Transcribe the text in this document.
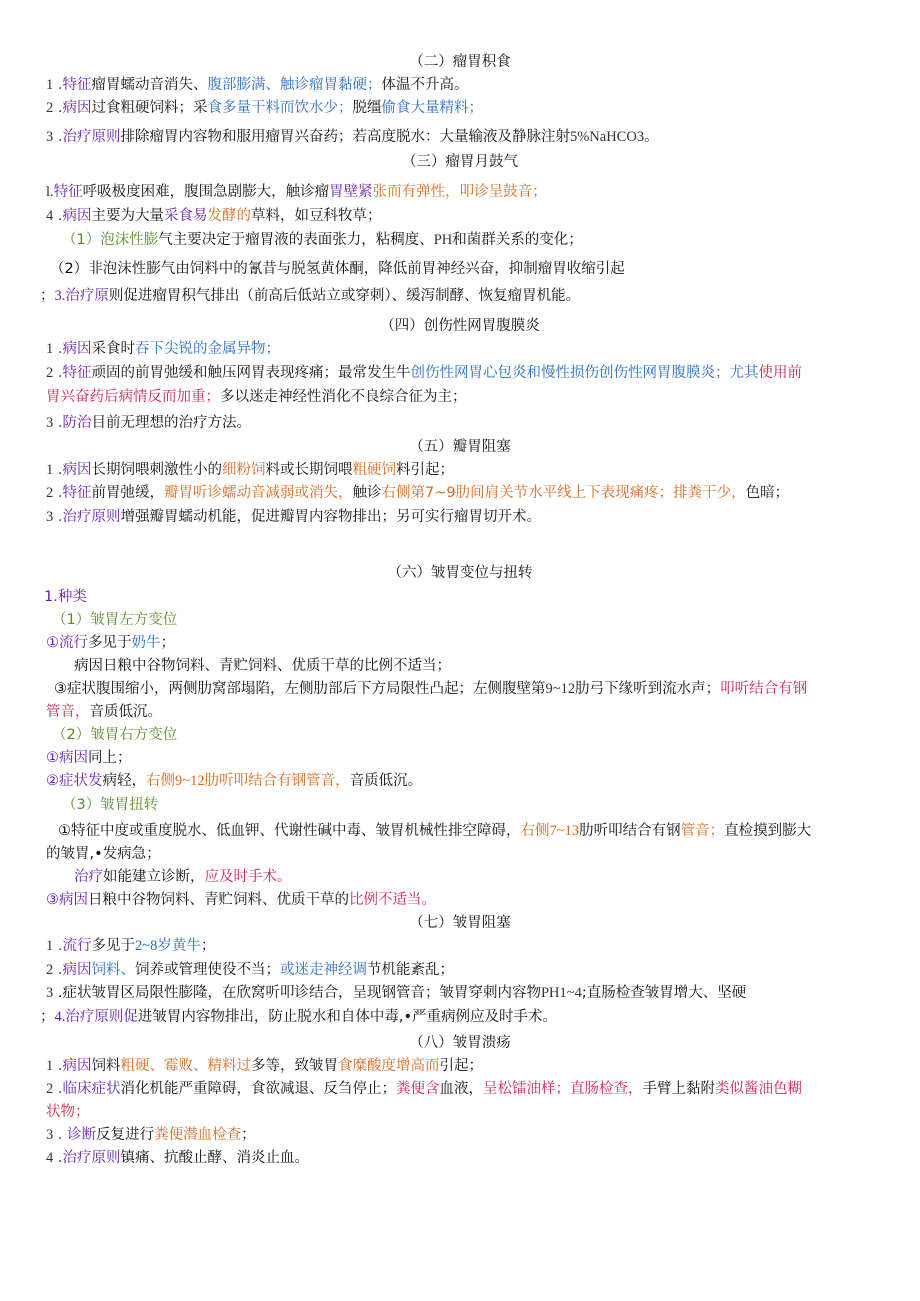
（二）瘤胃积食
1 .特征瘤胃蠕动音消失、腹部膨满、触诊瘤胃黏硬；体温不升高。
2 .病因过食粗硬饲料；采食多量干料而饮水少；脱缰偷食大量精料；
3 .治疗原则排除瘤胃内容物和服用瘤胃兴奋药；若高度脱水：大量输液及静脉注射5%NaHCO3。
（三）瘤胃月鼓气
l.特征呼吸极度困难，腹围急剧膨大，触诊瘤胃壁紧张而有弹性，叩诊呈鼓音；
4 .病因主要为大量采食易发酵的草料，如豆科牧草；
（1）泡沫性膨气主要决定于瘤胃液的表面张力，粘稠度、PH和菌群关系的变化；
（2）非泡沫性膨气由饲料中的氰昔与脱氢黄体酮，降低前胃神经兴奋，抑制瘤胃收缩引起
；3.治疗原则促进瘤胃积气排出（前高后低站立或穿刺）、缓泻制酵、恢复瘤胃机能。
（四）创伤性网胃腹膜炎
1 .病因采食时吞下尖锐的金属异物；
2 .特征顽固的前胃弛缓和触压网胃表现疼痛；最常发生牛创伤性网胃心包炎和慢性损伤创伤性网胃腹膜炎；尤其使用前
胃兴奋药后病情反而加重；多以迷走神经性消化不良综合征为主；
3 .防治目前无理想的治疗方法。
（五）瓣胃阻塞
1 .病因长期饲喂刺激性小的细粉饲料或长期饲喂粗硬饲料引起；
2 .特征前胃弛缓，瓣胃听诊蠕动音减弱或消失，触诊右侧第7~9肋间肩关节水平线上下表现痛疼；排粪干少，色暗；
3 .治疗原则增强瓣胃蠕动机能，促进瓣胃内容物排出；另可实行瘤胃切开术。
（六）皱胃变位与扭转
1.种类
（1）皱胃左方变位
①流行多见于奶牛；
病因日粮中谷物饲料、青贮饲料、优质干草的比例不适当；
③症状腹围缩小，两侧肋窝部塌陷，左侧肋部后下方局限性凸起；左侧腹壁第9~12肋弓下缘听到流水声；叩听结合有钢
管音，音质低沉。
（2）皱胃右方变位
①病因同上；
②症状发病轻，右侧9~12肋听叩结合有钢管音，音质低沉。
（3）皱胃扭转
①特征中度或重度脱水、低血钾、代谢性碱中毒、皱胃机械性排空障碍，右侧7~13肋听叩结合有钢管音；直检摸到膨大
的皱胃,•发病急；
治疗如能建立诊断，应及时手术。
③病因日粮中谷物饲料、青贮饲料、优质干草的比例不适当。
（七）皱胃阻塞
1 .流行多见于2~8岁黄牛；
2 .病因饲料、饲养或管理使役不当；或迷走神经调节机能紊乱；
3 .症状皱胃区局限性膨隆，在欣窝听叩诊结合，呈现钢管音；皱胃穿刺内容物PH1~4;直肠检查皱胃增大、坚硬
；4.治疗原则促进皱胃内容物排出，防止脱水和自体中毒,•严重病例应及时手术。
（八）皱胃溃疡
1 .病因饲料粗硬、霉败、精料过多等，致皱胃食糜酸度增高而引起；
2 .临床症状消化机能严重障碍，食欲减退、反刍停止；粪便含血液，呈松镭油样；直肠检查，手臂上黏附类似酱油色糊
状物；
3 . 诊断反复进行粪便潜血检查；
4 .治疗原则镇痛、抗酸止酵、消炎止血。
